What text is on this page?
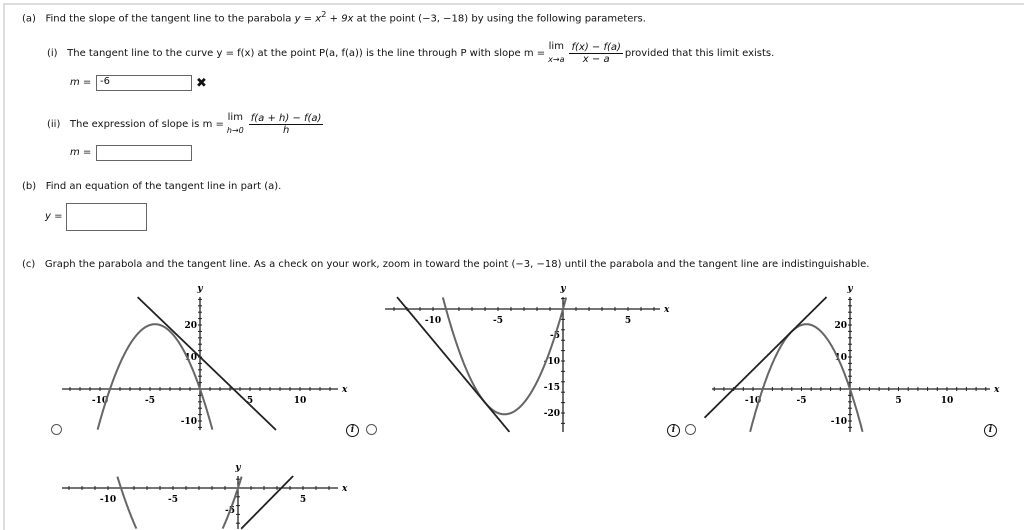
(a) Find the slope of the tangent line to the parabola $y = x^2 + 9x$ at the point (−3, −18) by using the following parameters.
(i) The tangent line to the curve y = f(x) at the point P(a, f(a)) is the line through P with slope m =lim
$x\to a \frac{f(x) - f(a)}{x - a}$ provided that this limit exists.
m = -6	✖
(ii) The expression of slope is m =lim
$h\to 0 \frac{f(a + h) - f(a)}{h}$
m =
(b) Find an equation of the tangent line in part (a).
y =
(c) Graph the parabola and the tangent line. As a check on your work, zoom in toward the point (−3, −18) until the parabola and the tangent line are indistinguishable.
-10	-5	5	10
20
10
-10
x
y
-10	-5	5
-5
-10
-15
-20
x
y
-10	-5	5	10
20
10
-10
x
y
-10	-5	5
-5
x
y
i	i	i
